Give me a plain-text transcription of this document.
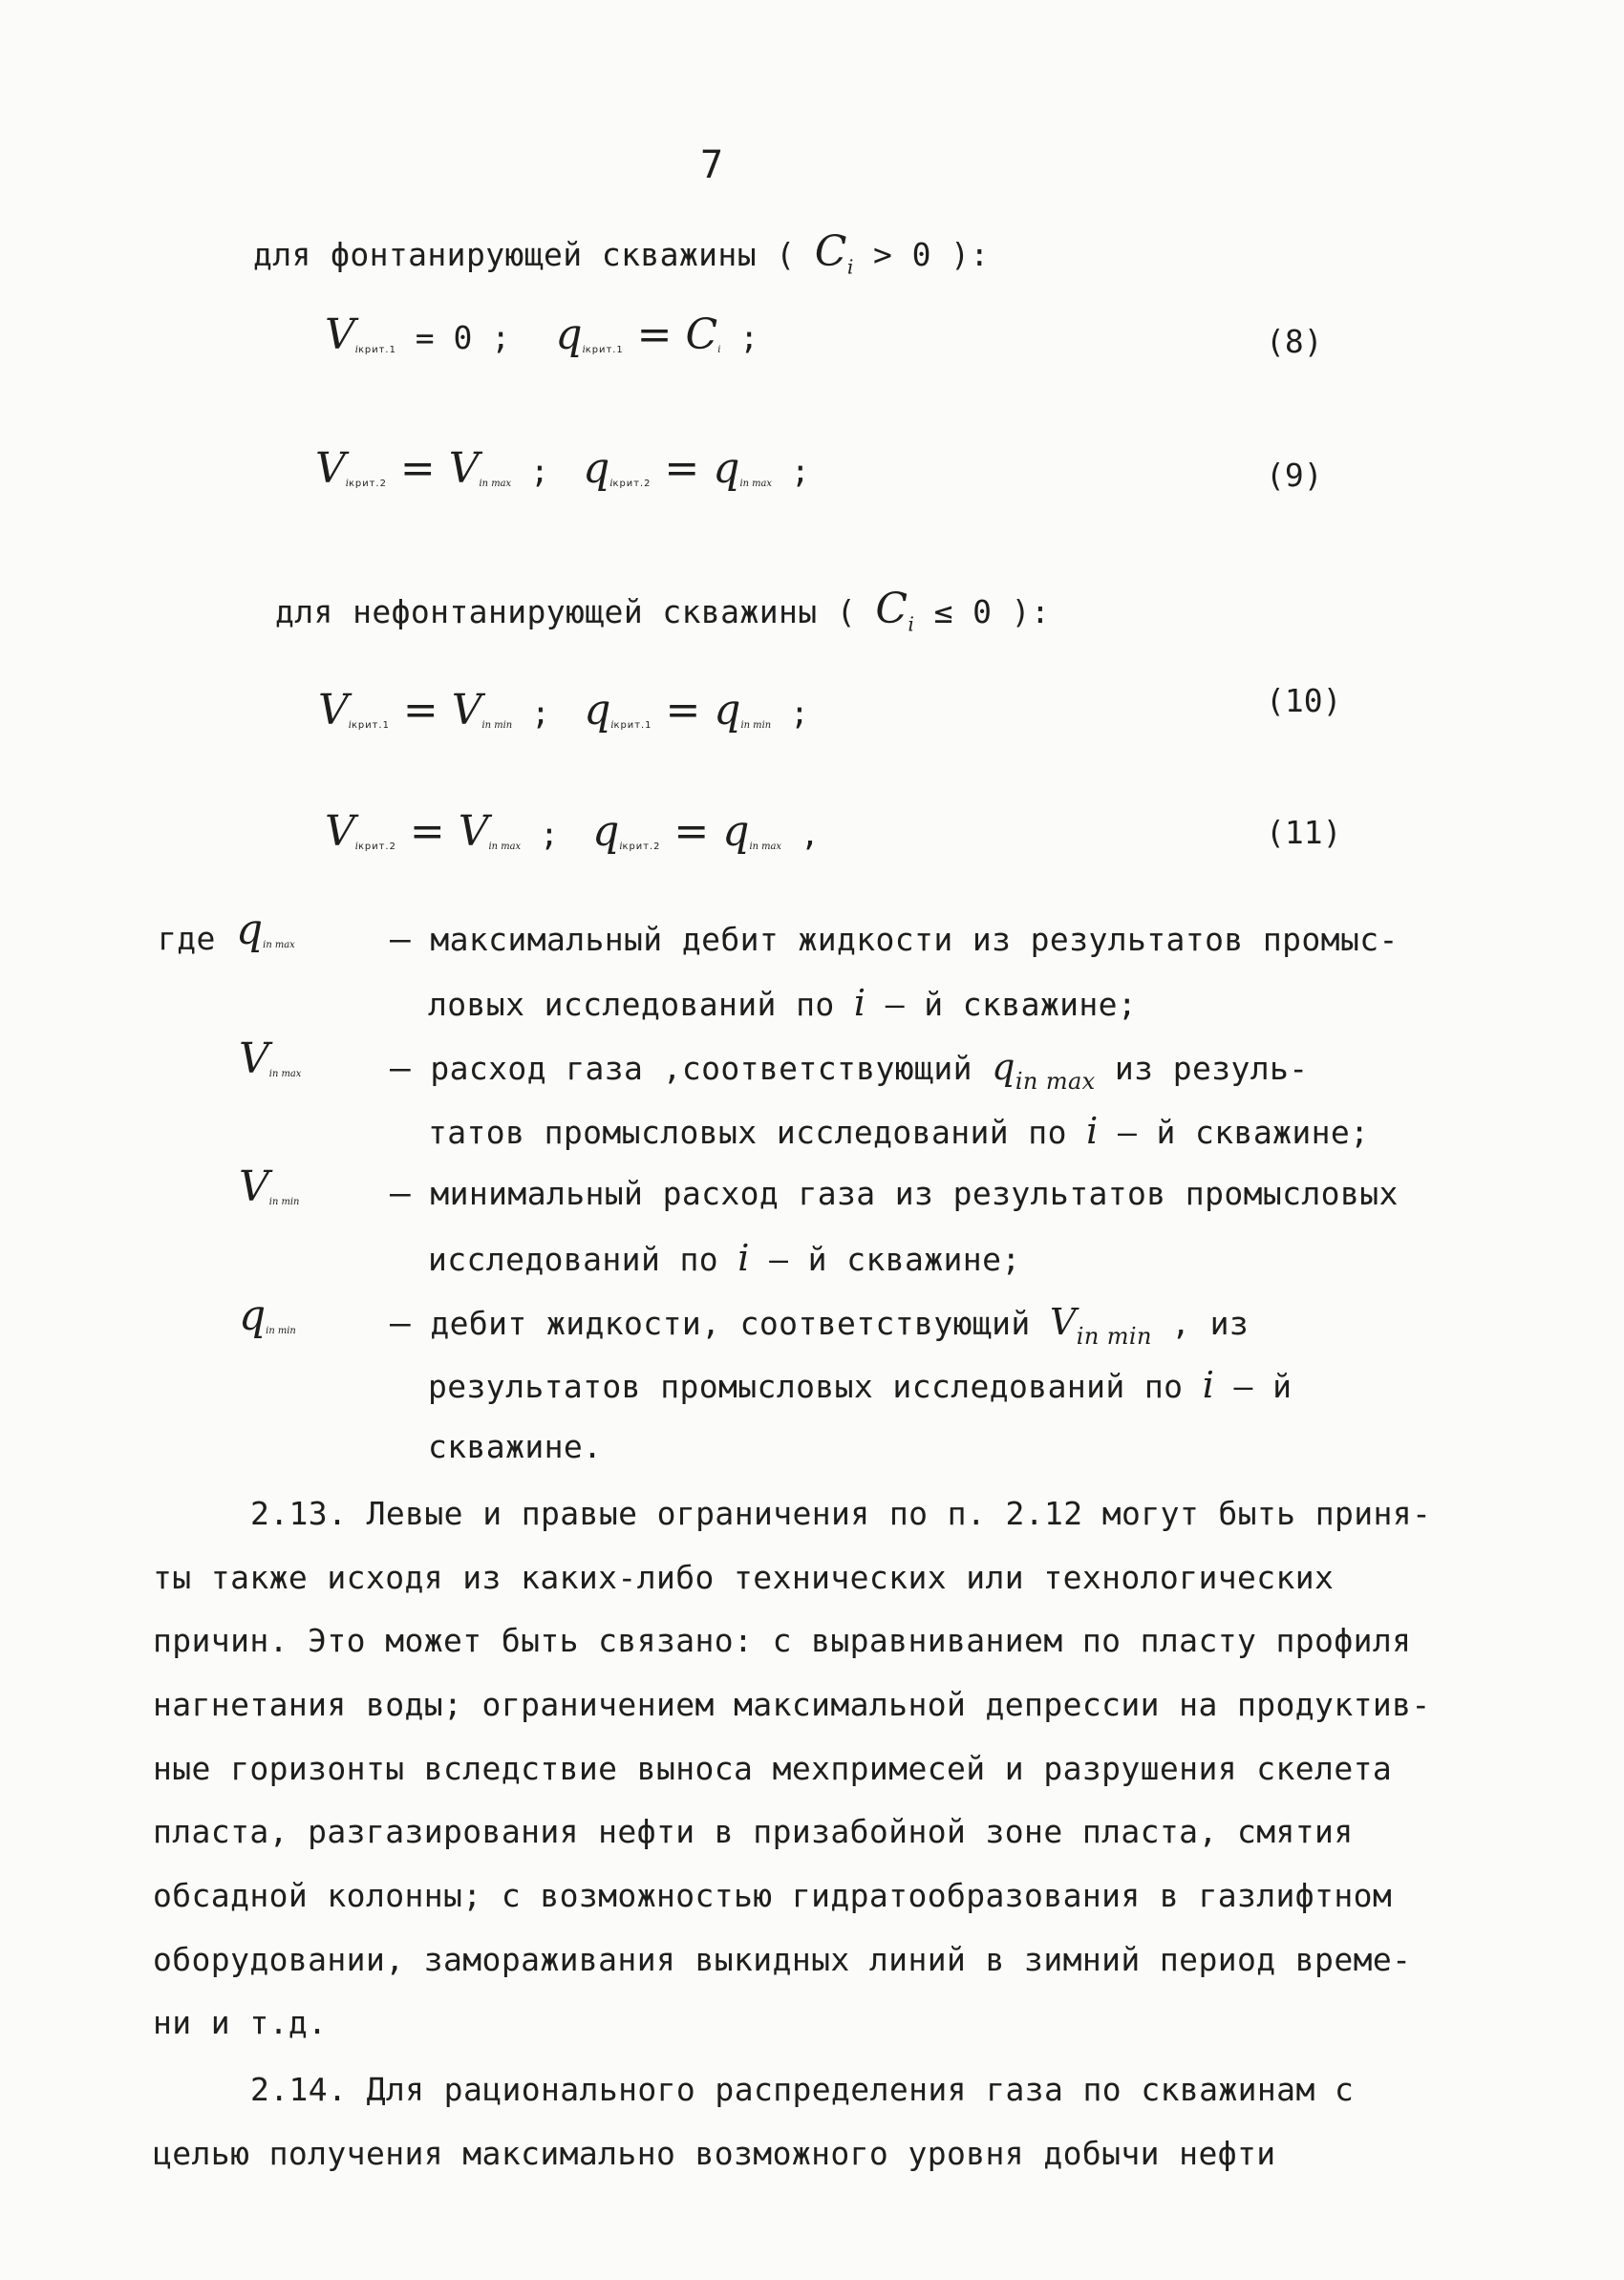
7
для фонтанирующей скважины ( $C_i > 0$ ):
$V_{iкрит.1} = 0$ ; $q_{iкрит.1} = C_i$ ;	(8)
$V_{iкрит.2} = V_{in max}$ ; $q_{iкрит.2} = q_{in max}$ ;	(9)
для нефонтанирующей скважины ( $C_i \le 0$ ):
$V_{iкрит.1} = V_{in min}$ ; $q_{iкрит.1} = q_{in min}$ ;	(10)
$V_{iкрит.2} = V_{in max}$ ; $q_{iкрит.2} = q_{in max}$ ,	(11)
где $q_{in max}$	– максимальный дебит жидкости из результатов промыс-
ловых исследований по i – й скважине;
$V_{in max}$	– расход газа ,соответствующий $q_{in max}$ из резуль-
татов промысловых исследований по i – й скважине;
$V_{in min}$	– минимальный расход газа из результатов промысловых
исследований по i – й скважине;
$q_{in min}$	– дебит жидкости, соответствующий $V_{in min}$ , из
результатов промысловых исследований по i – й
скважине.
2.13. Левые и правые ограничения по п. 2.12 могут быть приня-
ты также исходя из каких-либо технических или технологических
причин. Это может быть связано: с выравниванием по пласту профиля
нагнетания воды; ограничением максимальной депрессии на продуктив-
ные горизонты вследствие выноса мехпримесей и разрушения скелета
пласта, разгазирования нефти в призабойной зоне пласта, смятия
обсадной колонны; с возможностью гидратообразования в газлифтном
оборудовании, замораживания выкидных линий в зимний период време-
ни и т.д.
2.14. Для рационального распределения газа по скважинам с
целью получения максимально возможного уровня добычи нефти
